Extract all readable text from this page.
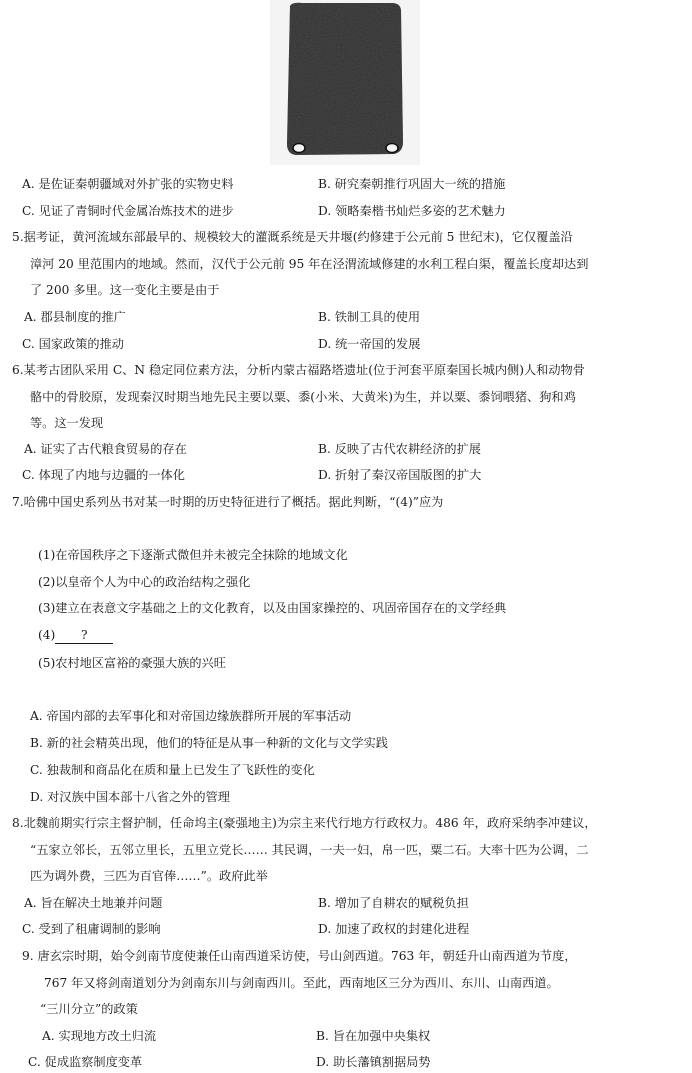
A. 是佐证秦朝疆域对外扩张的实物史料	B. 研究秦朝推行巩固大一统的措施
C. 见证了青铜时代金属冶炼技术的进步	D. 领略秦楷书灿烂多姿的艺术魅力
5.据考证，黄河流域东部最早的、规模较大的灌溉系统是天井堰(约修建于公元前 5 世纪末)，它仅覆盖沿
漳河 20 里范围内的地域。然而，汉代于公元前 95 年在泾渭流域修建的水利工程白渠，覆盖长度却达到
了 200 多里。这一变化主要是由于
A. 郡县制度的推广	B. 铁制工具的使用
C. 国家政策的推动	D. 统一帝国的发展
6.某考古团队采用 C、N 稳定同位素方法，分析内蒙古福路塔遗址(位于河套平原秦国长城内侧)人和动物骨
骼中的骨胶原，发现秦汉时期当地先民主要以粟、黍(小米、大黄米)为生，并以粟、黍饲喂猪、狗和鸡
等。这一发现
A. 证实了古代粮食贸易的存在	B. 反映了古代农耕经济的扩展
C. 体现了内地与边疆的一体化	D. 折射了秦汉帝国版图的扩大
7.哈佛中国史系列丛书对某一时期的历史特征进行了概括。据此判断，“(4)”应为
(1)在帝国秩序之下逐渐式微但并未被完全抹除的地域文化
(2)以皇帝个人为中心的政治结构之强化
(3)建立在表意文字基础之上的文化教育，以及由国家操控的、巩固帝国存在的文学经典
(4) ?
(5)农村地区富裕的豪强大族的兴旺
A. 帝国内部的去军事化和对帝国边缘族群所开展的军事活动
B. 新的社会精英出现，他们的特征是从事一种新的文化与文学实践
C. 独裁制和商品化在质和量上已发生了飞跃性的变化
D. 对汉族中国本部十八省之外的管理
8.北魏前期实行宗主督护制，任命坞主(豪强地主)为宗主来代行地方行政权力。486 年，政府采纳李冲建议，
“五家立邻长，五邻立里长，五里立党长…… 其民调，一夫一妇，帛一匹，粟二石。大率十匹为公调，二
匹为调外费，三匹为百官俸……”。政府此举
A. 旨在解决土地兼并问题	B. 增加了自耕农的赋税负担
C. 受到了租庸调制的影响	D. 加速了政权的封建化进程
9. 唐玄宗时期，始令剑南节度使兼任山南西道采访使，号山剑西道。763 年，朝廷升山南西道为节度，
767 年又将剑南道划分为剑南东川与剑南西川。至此，西南地区三分为西川、东川、山南西道。
“三川分立”的政策
A. 实现地方改土归流	B. 旨在加强中央集权
C. 促成监察制度变革	D. 助长藩镇割据局势
